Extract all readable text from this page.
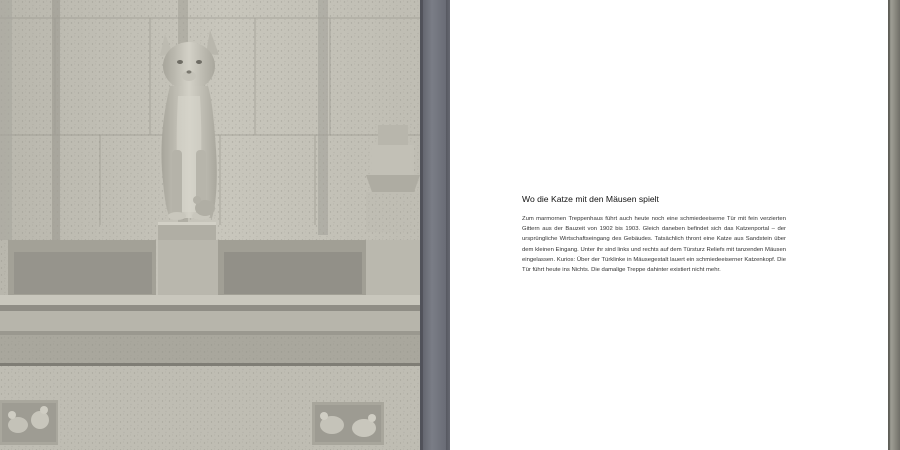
Wo die Katze mit den Mäusen spielt

Zum marmornen Treppenhaus führt auch heute noch eine schmiedeeiserne Tür mit fein verzierten Gittern aus der Bauzeit von 1902 bis 1903. Gleich daneben befindet sich das Katzenportal – der ursprüngliche Wirtschaftseingang des Gebäudes. Tatsächlich thront eine Katze aus Sandstein über dem kleinen Eingang. Unter ihr sind links und rechts auf dem Türsturz Reliefs mit tanzenden Mäusen eingelassen. Kurios: Über der Türklinke in Mäusegestalt lauert ein schmiedeeiserner Katzenkopf. Die Tür führt heute ins Nichts. Die damalige Treppe dahinter existiert nicht mehr.
